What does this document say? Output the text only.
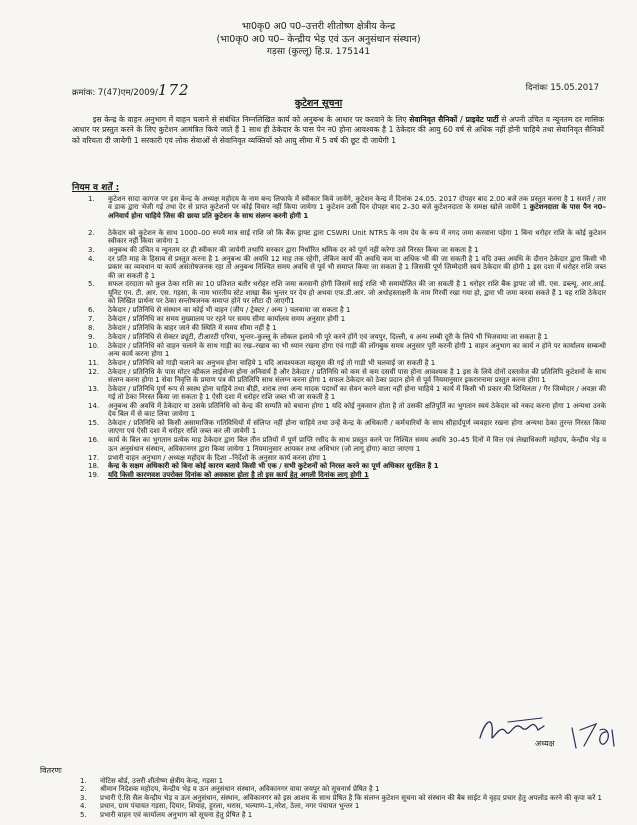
भा0कृ0 अ0 प0–उत्तरी शीतोष्ण क्षेत्रीय केन्द्र
(भा0कृ0 अ0 प0– केन्द्रीय भेड़ एवं ऊन अनुसंधान संस्थान)
गड़सा (कुल्लू) हि.प्र. 175141
क्रमांक: 7(47)एम/2009/172	दिनांकः 15.05.2017
कुटेशन सूचना
इस केन्द्र के वाहन अनुभाग में वाहन चलाने से संबंधित निम्नलिखित कार्य को अनुबन्ध के आधार पर करवाने के लिए सेवानिवृत सैनिकों / प्राइवेट पार्टी से अपनी उचित व न्यूनतम दर मासिक आधार पर प्रस्तुत करने के लिए कुटेशन आमंत्रित किये जाते हैं 1 साथ ही ठेकेदार के पास पेन न0 होना आवश्यक है 1 ठेकेदार की आयु 60 वर्ष से अधिक नहीं होनी चाहिये तथा सेवानिवृत सैनिकों को वरियता दी जायेगी 1 सरकारी एवं लोक सेवाओं से सेवानिवृत व्यक्तियों को आयु सीमा में 5 वर्ष की छूट दी जायेगी 1
नियम व शर्तें :
1. कुटेशन सादा कागज पर इस केन्द्र के अध्यक्ष महोदय के नाम बन्द लिफाफे में स्वीकार किये जायेंगे, कुटेशन केन्द्र में दिनांक 24.05. 2017 दोपहर बाद 2.00 बजे तक प्रस्तुत करना है 1 सशर्त / तार व डाक द्वारा भेजी गई तथा देर से प्राप्त कुटेशनों पर कोई विचार नहीं किया जायेगा 1 कुटेशन उसी दिन दोपहर बाद 2–30 बजे कुटेशनदाता के समक्ष खोले जायेंगें 1 कुटेशनदाता के पास पैन न0– अनिवार्य होना चाहिये जिस की छाया प्रति कुटेशन के साथ संलग्न करनी होगी 1
2. ठेकेदार को कुटेशन के साथ 1000–00 रुपये मात्र साई राशि जो कि बैंक ड्राफ्ट द्वारा CSWRI Unit NTRS के नाम देय के रूप में नगद जमा करवाना पड़ेगा 1 बिना धरोहर राशि के कोई कुटेशन स्वीकार नहीं किया जायेगा 1
3. अनुबन्ध की उचित व न्यूनतम दर ही स्वीकार की जायेगी तथापि सरकार द्वारा निर्धारित श्रमिक दर को पूर्ण नहीं करेगा उसे निरस्त किया जा सकता है 1
4. दर प्रति माह के हिसाब से प्रस्तुत करना है 1 अनुबन्ध की अवधि 12 माह तक रहेगी, लेकिन कार्य की अवधि कम या अधिक भी की जा सकती है 1 यदि उक्त अवधि के दौरान ठेकेदार द्वारा किसी भी प्रकार का व्यवधान या कार्य असंतोषजनक रहा तो अनुबन्ध निश्चित समय अवधि से पूर्व भी समाप्त किया जा सकता है 1 जिसकी पूर्ण जिम्मेदारी स्वयं ठेकेदार की होगी 1 इस दशा में धरोहर राशि जब्त की जा सकती है 1
5. सफल दरदाता को कुल ठेका राशि का 10 प्रतिशत बतौर धरोहर राशि जमा करवानी होगी जिसमें साई राशि भी समायोजित की जा सकती है 1 धरोहर राशि बैंक ड्राफ्ट जो सी. एस. डब्ल्यू. आर.आई. यूनिट एन. टी. आर. एस. गड़सा, के नाम भारतीय स्टेट शाखा बैंक भुन्तर पर देय हो अथवा एफ.डी.आर. जो अधोहस्ताक्षरी के नाम गिरवीं रखा गया हो, द्वारा भी जमा करवा सकते हैं 1 यह राशि ठेकेदार को लिखित प्रार्थना पर ठेका सन्तोषजनक समाप्त होने पर लौटा दी जाएगी1
6. ठेकेदार / प्रतिनिधि से संस्थान का कोई भी वाहन (जीप / ट्रेक्टर / अन्य ) चलवाया जा सकता है 1
7. ठेकेदार / प्रतिनिधि का समय मुख्यालय पर रहने पर समय सीमा कार्यालय समय अनुसार होगी 1
8. ठेकेदार / प्रतिनिधि के बाहर जाने की स्थिति में समय सीमा नहीं है 1
9. ठेकेदार / प्रतिनिधि से सेक्टर ड्यूटी, टीआरटी एरिया, भुन्तर–कुल्लू के लोकल इलावे भी पूरे करने होंगें एवं जयपुर, दिल्ली, व अन्य लम्बी दूरी के लिये भी भिजवाया जा सकता है 1
10. ठेकेदार / प्रतिनिधि को वाहन चलाने के साथ गाड़ी का रख–रखाव का भी ध्यान रखना होगा एवं गाड़ी की लॉगबुक समय अनुसार पूरी करनी होगी 1 वाहन अनुभाग का कार्य न होने पर कार्यालय सम्बन्धी अन्य कार्य करना होगा 1
11. ठेकेदार / प्रतिनिधि को गाड़ी चलाने का अनुभव होना चाहिये 1 यदि आवश्यकता महसूस की गई तो गाड़ी भी चलवाई जा सकती है 1
12. ठेकेदार / प्रतिनिधि के पास मोटर व्हीकल लाईसेन्स होना अनिवार्य है और ठेकेदार / प्रतिनिधि को कम से कम दसवीं पास होना आवश्यक है 1 इस के लिये दोनों दस्तावेज की प्रतिलिपि कुटेशनों के साथ संलग्न करना होगा 1 सेवा निवृत्ति के प्रमाण पत्र की प्रतिलिपि साथ संलग्न करना होगा 1 सफल ठेकेदार को ठेका प्रदान होने से पूर्व नियमानुसार इकरारनामा प्रस्तुत करना होगा 1
13. ठेकेदार / प्रतिनिधि पूर्ण रूप से स्वस्थ होना चाहिये तथा बीड़ी, शराब तथा अन्य मादक पदार्थों का सेवन करने वाला नहीं होना चाहिये 1 कार्य में किसी भी प्रकार की शिथिलता / गैर जिम्मेदार / अवज्ञा की गई तो ठेका निरस्त किया जा सकता है 1 ऐसी दशा में धरोहर राशि जब्त भी जा सकती है 1
14. अनुबन्ध की अवधि में ठेकेदार या उसके प्रतिनिधि को केन्द्र की सम्पति को बचाना होगा 1 यदि कोई नुकसान होता है तो उसकी क्षतिपूर्ति का भुगतान स्वयं ठेकेदार को नकद करना होगा 1 अन्यथा उनके देय बिल में से काट लिया जायेगा 1
15. ठेकेदार / प्रतिनिधि को किसी असामाजिक गतिविधियों में संलिप्त नहीं होना चाहिये तथा उन्हें केन्द्र के अधिकारी / कर्मचारियों के साथ सौहार्दपूर्ण व्यवहार रखना होगा अन्यथा ठेका तुरन्त निरस्त किया जाएगा एवं ऐसी दशा में धरोहर राशि जब्त कर ली जायेगी 1
16. कार्य के बिल का भुगतान प्रत्येक माह ठेकेदार द्वारा बिल तीन प्रतियों में पूर्ण प्राप्ति रसीद के साथ प्रस्तुत करने पर निश्चित समय अवधि 30–45 दिनों में वित्त एवं लेखाधिकारी महोदय, केन्द्रीय भेड़ व ऊन अनुसंधान संस्थान, अविकानगर द्वारा किया जायेगा 1 नियमानुसार आयकर तथा अधिभार (जो लागू होगा) काटा जाएगा 1
17. प्रभारी वाहन अनुभाग / अध्यक्ष महोदय के दिशा –निर्देशों के अनुसार कार्य करना होगा 1
18. केन्द्र के सक्षम अधिकारी को बिना कोई कारण बताये किसी भी एक / सभी कुटेशनों को निरस्त करने का पूर्ण अधिकार सुरक्षित है 1
19. यदि किसी कारणवश उपरोक्त दिनांक को अवकाश होता है तो इस कार्य हेतु अगली दिनांक लागू होगी 1
अध्यक्ष
वितरणः
1. नोटिस बोर्ड, उत्तरी शीतोष्ण क्षेत्रीय केन्द्र, गड़सा 1
2. श्रीमान निदेशक महोदय, केन्द्रीय भेड़ व ऊन अनुसंधान संस्थान, अविकानगर वाया जयपुर को सूचनार्थ प्रेषित है 1
3. प्रभारी ऐ.सि सैल केन्द्रीय भेड़ व ऊन अनुसंधान, संस्थान, अविकानगर को इस आशय के साथ प्रेषित है कि संलग्न कुटेशन सूचना को संस्थान की बैब साईट मे वृहद प्रचार हेतु अपलोड करने की कृपा करें 1
4. प्रधान, ग्राम पंचायत गड़सा, दियार, शियाह, हुरला, थरास, भल्याण–1,नरेश, ठेला, नगर पंचायत भुन्तर 1
5. प्रभारी वाहन एवं कार्यालय अनुभाग को सूचना हेतु प्रेषित है 1
